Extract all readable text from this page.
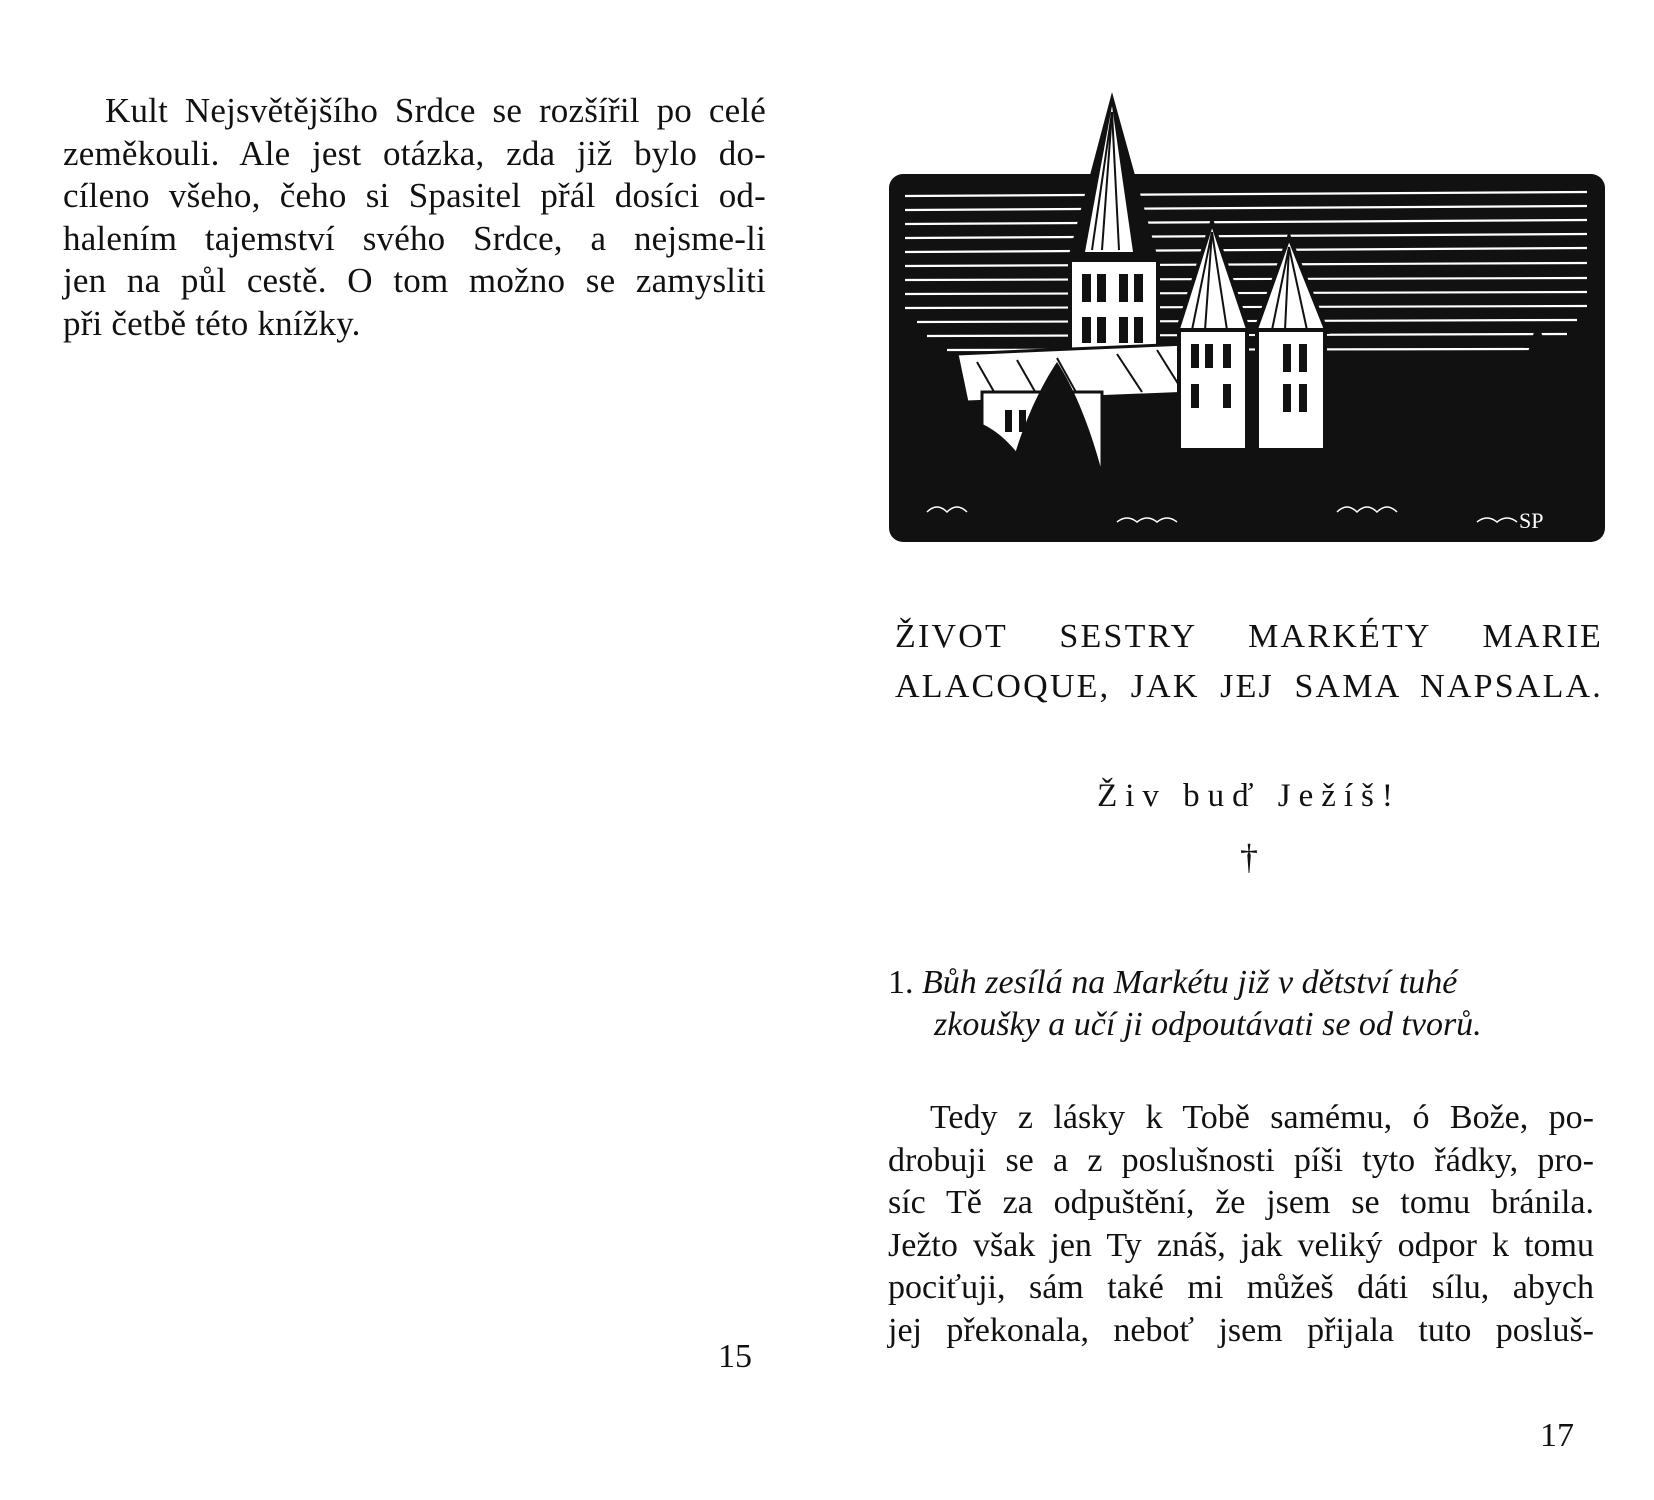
Kult Nejsvětějšího Srdce se rozšířil po celé
zeměkouli. Ale jest otázka, zda již bylo do-
cíleno všeho, čeho si Spasitel přál dosíci od-
halením tajemství svého Srdce, a nejsme-li
jen na půl cestě. O tom možno se zamysliti
při četbě této knížky.
15
SP
ŽIVOT SESTRY MARKÉTY MARIE
ALACOQUE, JAK JEJ SAMA NAPSALA.
Živ buď Ježíš!
†
1. Bůh zesílá na Markétu již v dětství tuhé
zkoušky a učí ji odpoutávati se od tvorů.
Tedy z lásky k Tobě samému, ó Bože, po-
drobuji se a z poslušnosti píši tyto řádky, pro-
síc Tě za odpuštění, že jsem se tomu bránila.
Ježto však jen Ty znáš, jak veliký odpor k tomu
pociťuji, sám také mi můžeš dáti sílu, abych
jej překonala, neboť jsem přijala tuto posluš-
17
